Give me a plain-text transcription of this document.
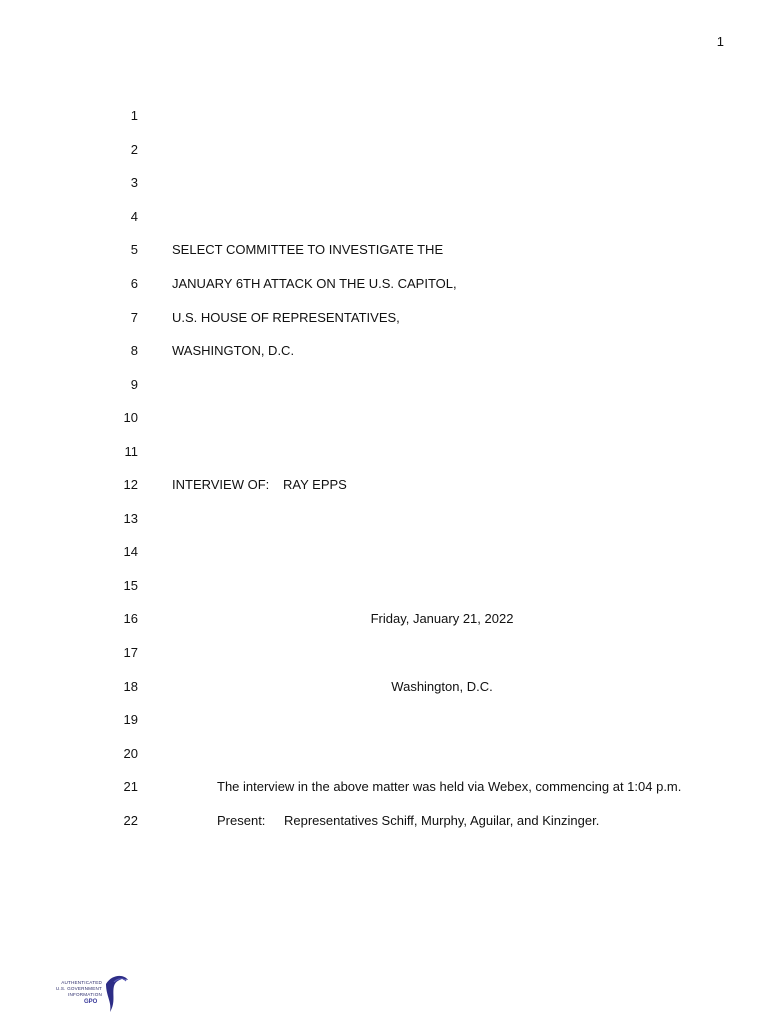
1
1
2
3
4
5
6
7
8
9
10
11
12
13
14
15
16
17
18
19
20
21
22
SELECT COMMITTEE TO INVESTIGATE THE
JANUARY 6TH ATTACK ON THE U.S. CAPITOL,
U.S. HOUSE OF REPRESENTATIVES,
WASHINGTON, D.C.
INTERVIEW OF: RAY EPPS
Friday, January 21, 2022
Washington, D.C.
The interview in the above matter was held via Webex, commencing at 1:04 p.m.
Present: Representatives Schiff, Murphy, Aguilar, and Kinzinger.
AUTHENTICATED
U.S. GOVERNMENT
INFORMATION
GPO
